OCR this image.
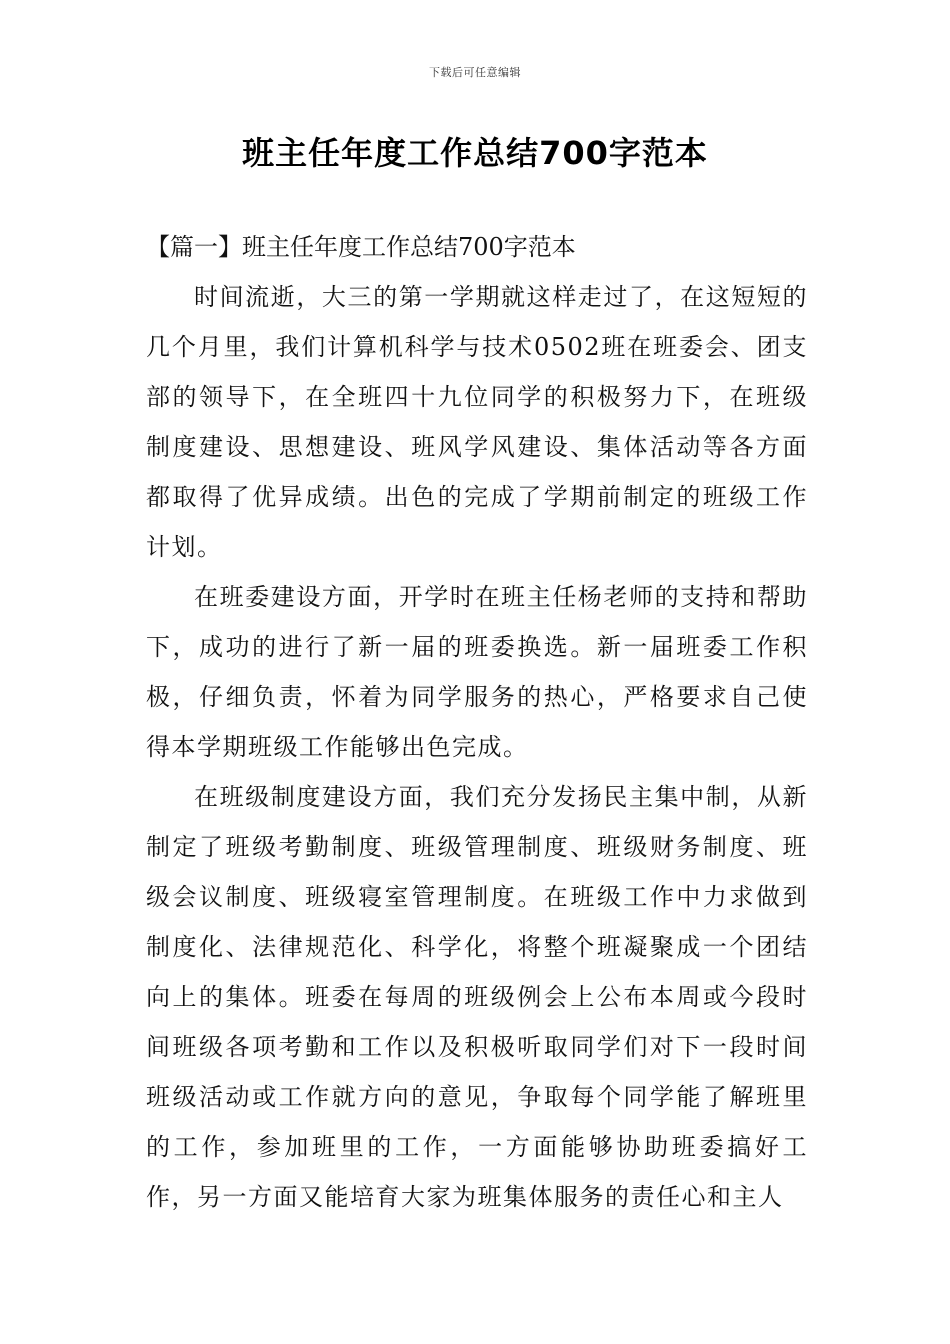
下载后可任意编辑
班主任年度工作总结700字范本

【篇一】班主任年度工作总结700字范本

时间流逝，大三的第一学期就这样走过了，在这短短的几个月里，我们计算机科学与技术0502班在班委会、团支部的领导下，在全班四十九位同学的积极努力下，在班级制度建设、思想建设、班风学风建设、集体活动等各方面都取得了优异成绩。出色的完成了学期前制定的班级工作计划。

在班委建设方面，开学时在班主任杨老师的支持和帮助下，成功的进行了新一届的班委换选。新一届班委工作积极，仔细负责，怀着为同学服务的热心，严格要求自己使得本学期班级工作能够出色完成。

在班级制度建设方面，我们充分发扬民主集中制，从新制定了班级考勤制度、班级管理制度、班级财务制度、班级会议制度、班级寝室管理制度。在班级工作中力求做到制度化、法律规范化、科学化，将整个班凝聚成一个团结向上的集体。班委在每周的班级例会上公布本周或今段时间班级各项考勤和工作以及积极听取同学们对下一段时间班级活动或工作就方向的意见，争取每个同学能了解班里的工作，参加班里的工作，一方面能够协助班委搞好工作，另一方面又能培育大家为班集体服务的责任心和主人
